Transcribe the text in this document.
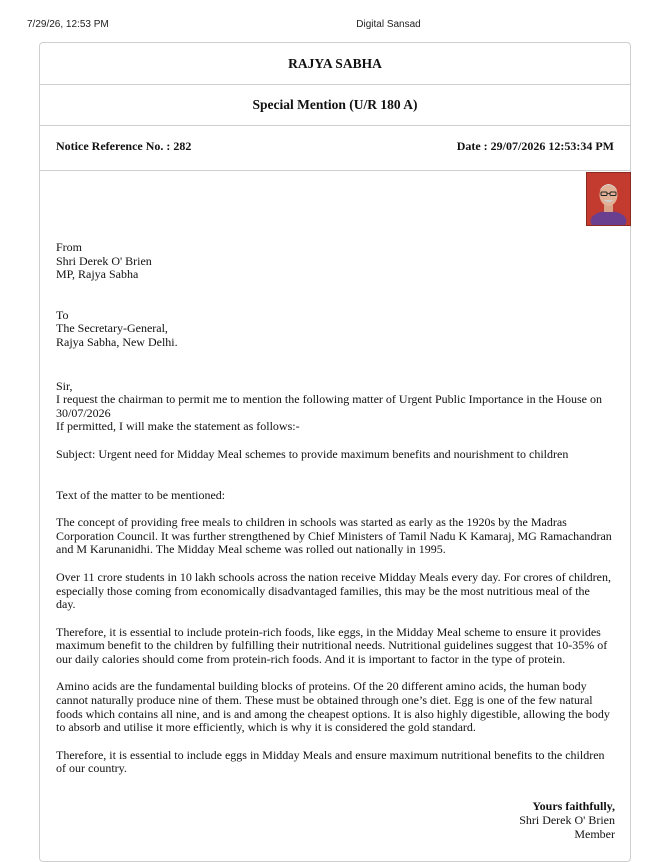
7/29/26, 12:53 PM	Digital Sansad
RAJYA SABHA
Special Mention (U/R 180 A)
Notice Reference No. : 282	Date : 29/07/2026 12:53:34 PM

From

Shri Derek O' Brien

MP, Rajya Sabha

To

The Secretary-General,

Rajya Sabha, New Delhi.

Sir,

I request the chairman to permit me to mention the following matter of Urgent Public Importance in the House on 30/07/2026

If permitted, I will make the statement as follows:-

Subject: Urgent need for Midday Meal schemes to provide maximum benefits and nourishment to children

Text of the matter to be mentioned:

The concept of providing free meals to children in schools was started as early as the 1920s by the Madras Corporation Council. It was further strengthened by Chief Ministers of Tamil Nadu K Kamaraj, MG Ramachandran and M Karunanidhi. The Midday Meal scheme was rolled out nationally in 1995.

Over 11 crore students in 10 lakh schools across the nation receive Midday Meals every day. For crores of children, especially those coming from economically disadvantaged families, this may be the most nutritious meal of the day.

Therefore, it is essential to include protein-rich foods, like eggs, in the Midday Meal scheme to ensure it provides maximum benefit to the children by fulfilling their nutritional needs. Nutritional guidelines suggest that 10-35% of our daily calories should come from protein-rich foods. And it is important to factor in the type of protein.

Amino acids are the fundamental building blocks of proteins. Of the 20 different amino acids, the human body cannot naturally produce nine of them. These must be obtained through one’s diet. Egg is one of the few natural foods which contains all nine, and is and among the cheapest options. It is also highly digestible, allowing the body to absorb and utilise it more efficiently, which is why it is considered the gold standard.

Therefore, it is essential to include eggs in Midday Meals and ensure maximum nutritional benefits to the children of our country.

Yours faithfully,
Shri Derek O' Brien
Member
